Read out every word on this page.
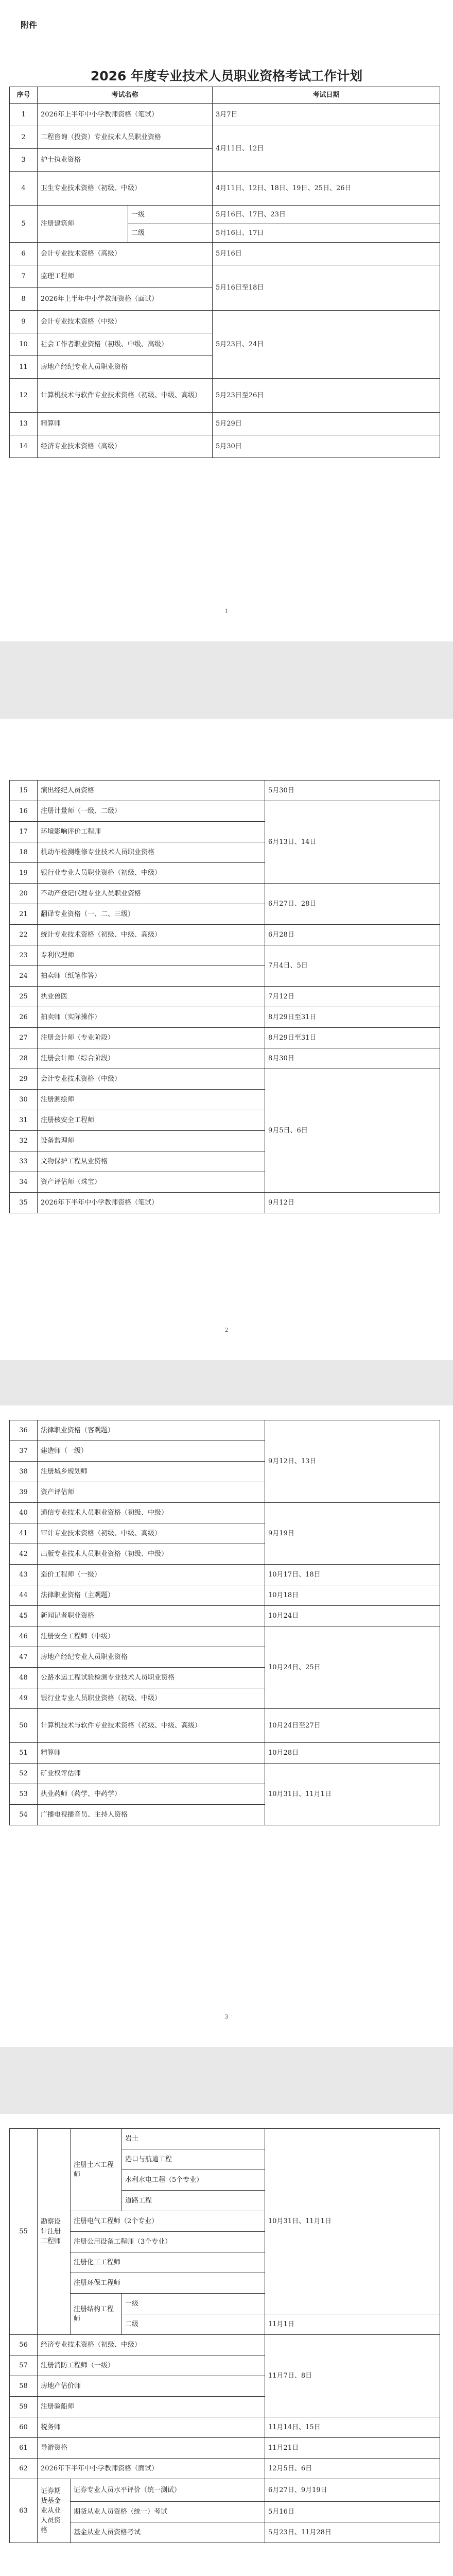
附件
2026 年度专业技术人员职业资格考试工作计划
序号	考试名称		考试日期
1	2026年上半年中小学教师资格（笔试）		3月7日
2	工程咨询（投资）专业技术人员职业资格		4月11日、12日
3	护士执业资格		
4	卫生专业技术资格（初级、中级）		4月11日、12日、18日、19日、25日、26日
5	注册建筑师	一级	5月16日、17日、23日
		二级	5月16日、17日
6	会计专业技术资格（高级）		5月16日
7	监理工程师		5月16日至18日
8	2026年上半年中小学教师资格（面试）		
9	会计专业技术资格（中级）		5月23日、24日
10	社会工作者职业资格（初级、中级、高级）		
11	房地产经纪专业人员职业资格		
12	计算机技术与软件专业技术资格（初级、中级、高级）		5月23日至26日
13	精算师		5月29日
14	经济专业技术资格（高级）		5月30日
1
15	演出经纪人员资格	5月30日
16	注册计量师（一级、二级）	6月13日、14日
17	环境影响评价工程师	
18	机动车检测维修专业技术人员职业资格	
19	银行业专业人员职业资格（初级、中级）	
20	不动产登记代理专业人员职业资格	6月27日、28日
21	翻译专业资格（一、二、三级）	
22	统计专业技术资格（初级、中级、高级）	6月28日
23	专利代理师	7月4日、5日
24	拍卖师（纸笔作答）	
25	执业兽医	7月12日
26	拍卖师（实际操作）	8月29日至31日
27	注册会计师（专业阶段）	8月29日至31日
28	注册会计师（综合阶段）	8月30日
29	会计专业技术资格（中级）	9月5日、6日
30	注册测绘师	
31	注册核安全工程师	
32	设备监理师	
33	文物保护工程从业资格	
34	资产评估师（珠宝）	
35	2026年下半年中小学教师资格（笔试）	9月12日
2
36	法律职业资格（客观题）	9月12日、13日
37	建造师（一级）	
38	注册城乡规划师	
39	资产评估师	
40	通信专业技术人员职业资格（初级、中级）	9月19日
41	审计专业技术资格（初级、中级、高级）	
42	出版专业技术人员职业资格（初级、中级）	
43	造价工程师（一级）	10月17日、18日
44	法律职业资格（主观题）	10月18日
45	新闻记者职业资格	10月24日
46	注册安全工程师（中级）	10月24日、25日
47	房地产经纪专业人员职业资格	
48	公路水运工程试验检测专业技术人员职业资格	
49	银行业专业人员职业资格（初级、中级）	
50	计算机技术与软件专业技术资格（初级、中级、高级）	10月24日至27日
51	精算师	10月28日
52	矿业权评估师	10月31日、11月1日
53	执业药师（药学、中药学）	
54	广播电视播音员、主持人资格	
3
55	勘察设计注册工程师	注册土木工程师	岩土	10月31日、11月1日
			港口与航道工程	
			水利水电工程（5个专业）	
			道路工程	
		注册电气工程师（2个专业）		
		注册公用设备工程师（3个专业）		
		注册化工工程师		
		注册环保工程师		
		注册结构工程师	一级	
			二级	11月1日
56	经济专业技术资格（初级、中级）			11月7日、8日
57	注册消防工程师（一级）			
58	房地产估价师			
59	注册验船师			
60	税务师			11月14日、15日
61	导游资格			11月21日
62	2026年下半年中小学教师资格（面试）			12月5日、6日
63	证券期货基金业从业人员资格	证券专业人员水平评价（统一测试）		6月27日、9月19日
		期货从业人员资格（统一）考试		5月16日
		基金从业人员资格考试		5月23日、11月28日
